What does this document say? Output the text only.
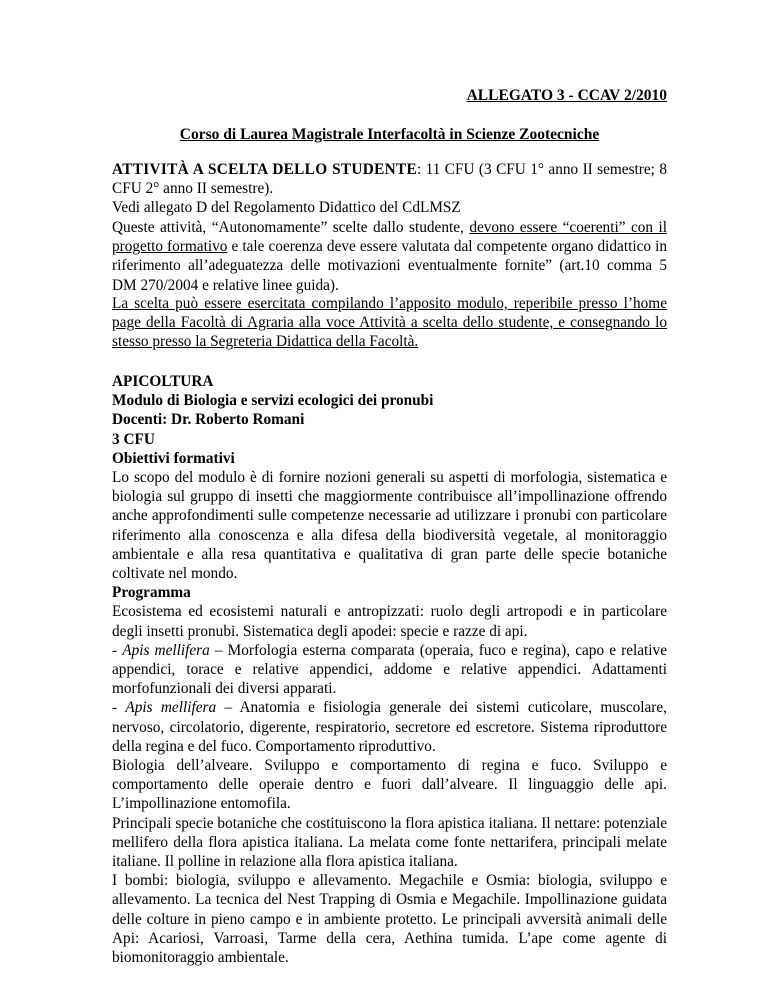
ALLEGATO 3 - CCAV 2/2010
Corso di Laurea Magistrale Interfacoltà in Scienze Zootecniche

ATTIVITÀ A SCELTA DELLO STUDENTE: 11 CFU (3 CFU 1° anno II semestre; 8 CFU 2° anno II semestre).

Vedi allegato D del Regolamento Didattico del CdLMSZ

Queste attività, “Autonomamente” scelte dallo studente, devono essere “coerenti” con il progetto formativo e tale coerenza deve essere valutata dal competente organo didattico in riferimento all’adeguatezza delle motivazioni eventualmente fornite” (art.10 comma 5 DM 270/2004 e relative linee guida).

La scelta può essere esercitata compilando l’apposito modulo, reperibile presso l’home page della Facoltà di Agraria alla voce Attività a scelta dello studente, e consegnando lo stesso presso la Segreteria Didattica della Facoltà.

APICOLTURA

Modulo di Biologia e servizi ecologici dei pronubi

Docenti: Dr. Roberto Romani

3 CFU

Obiettivi formativi

Lo scopo del modulo è di fornire nozioni generali su aspetti di morfologia, sistematica e biologia sul gruppo di insetti che maggiormente contribuisce all’impollinazione offrendo anche approfondimenti sulle competenze necessarie ad utilizzare i pronubi con particolare riferimento alla conoscenza e alla difesa della biodiversità vegetale, al monitoraggio ambientale e alla resa quantitativa e qualitativa di gran parte delle specie botaniche coltivate nel mondo.

Programma

Ecosistema ed ecosistemi naturali e antropizzati: ruolo degli artropodi e in particolare degli insetti pronubi. Sistematica degli apodei: specie e razze di api.

- Apis mellifera – Morfologia esterna comparata (operaia, fuco e regina), capo e relative appendici, torace e relative appendici, addome e relative appendici. Adattamenti morfofunzionali dei diversi apparati.

- Apis mellifera – Anatomia e fisiologia generale dei sistemi cuticolare, muscolare, nervoso, circolatorio, digerente, respiratorio, secretore ed escretore. Sistema riproduttore della regina e del fuco. Comportamento riproduttivo.

Biologia dell’alveare. Sviluppo e comportamento di regina e fuco. Sviluppo e comportamento delle operaie dentro e fuori dall’alveare. Il linguaggio delle api. L’impollinazione entomofila.

Principali specie botaniche che costituiscono la flora apistica italiana. Il nettare: potenziale mellifero della flora apistica italiana. La melata come fonte nettarifera, principali melate italiane. Il polline in relazione alla flora apistica italiana.

I bombi: biologia, sviluppo e allevamento. Megachile e Osmia: biologia, sviluppo e allevamento. La tecnica del Nest Trapping di Osmia e Megachile. Impollinazione guidata delle colture in pieno campo e in ambiente protetto. Le principali avversità animali delle Api: Acariosi, Varroasi, Tarme della cera, Aethina tumida. L’ape come agente di biomonitoraggio ambientale.
